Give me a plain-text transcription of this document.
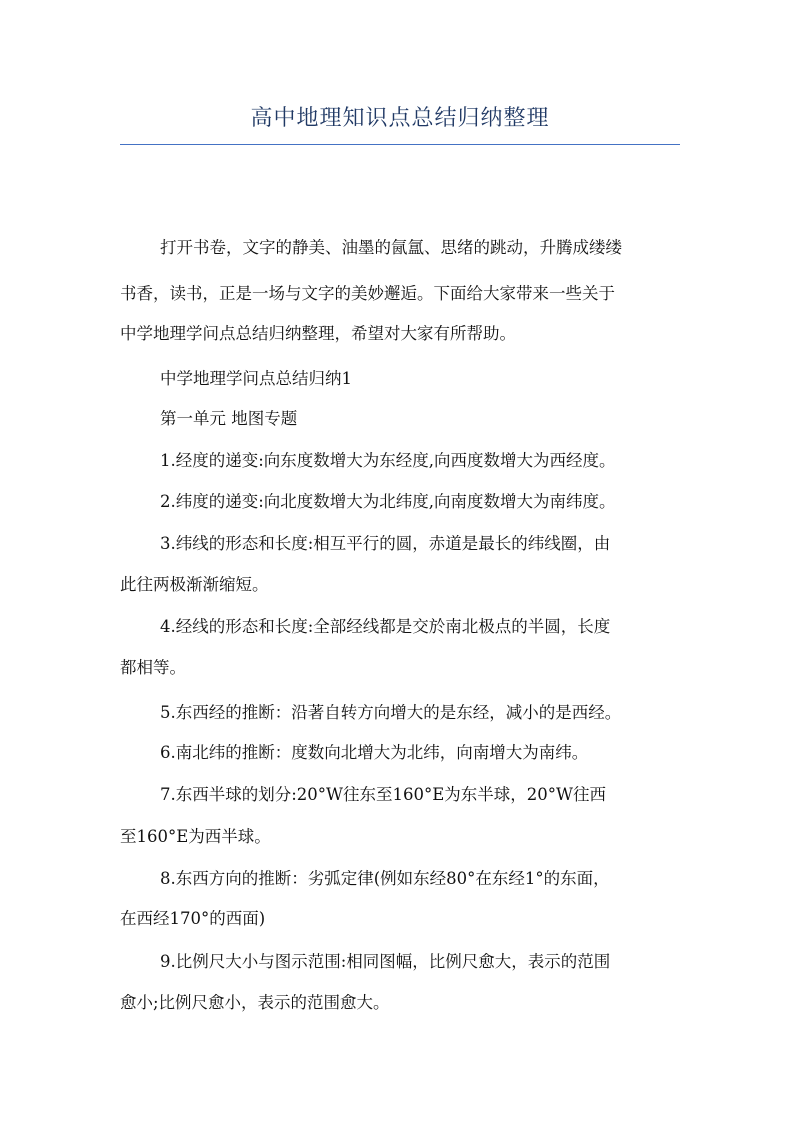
高中地理知识点总结归纳整理
打开书卷，文字的静美、油墨的氤氲、思绪的跳动，升腾成缕缕
书香，读书，正是一场与文字的美妙邂逅。下面给大家带来一些关于
中学地理学问点总结归纳整理，希望对大家有所帮助。
中学地理学问点总结归纳1
第一单元 地图专题
1.经度的递变:向东度数增大为东经度,向西度数增大为西经度。
2.纬度的递变:向北度数增大为北纬度,向南度数增大为南纬度。
3.纬线的形态和长度:相互平行的圆，赤道是最长的纬线圈，由
此往两极渐渐缩短。
4.经线的形态和长度:全部经线都是交於南北极点的半圆，长度
都相等。
5.东西经的推断：沿著自转方向增大的是东经，减小的是西经。
6.南北纬的推断：度数向北增大为北纬，向南增大为南纬。
7.东西半球的划分:20°W往东至160°E为东半球，20°W往西
至160°E为西半球。
8.东西方向的推断：劣弧定律(例如东经80°在东经1°的东面，
在西经170°的西面)
9.比例尺大小与图示范围:相同图幅，比例尺愈大，表示的范围
愈小;比例尺愈小，表示的范围愈大。
